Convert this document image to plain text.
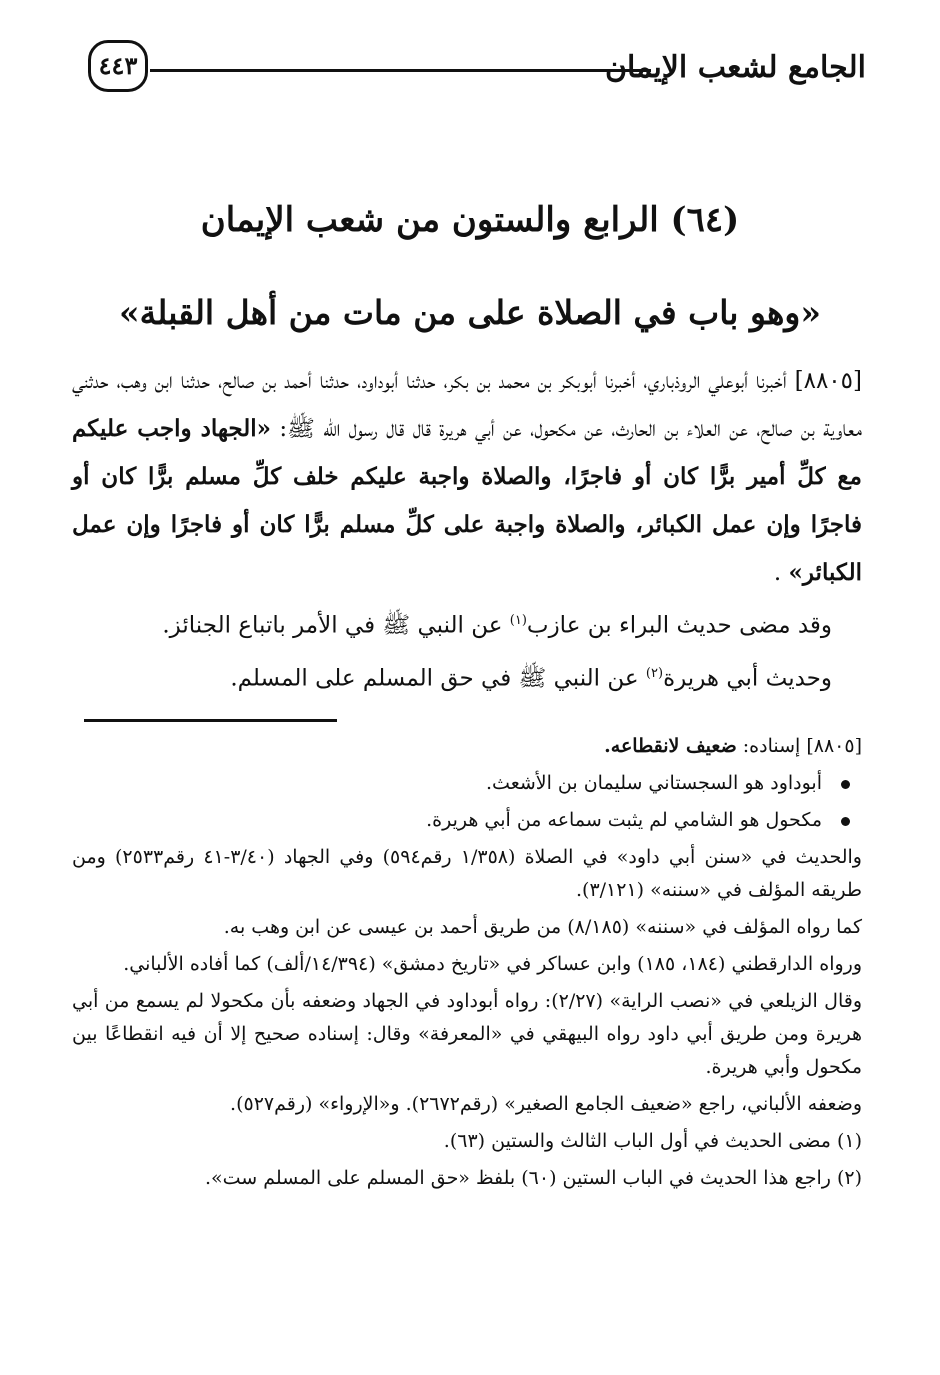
الجامع لشعب الإيمان
٤٤٣
(٦٤) الرابع والستون من شعب الإيمان
«وهو باب في الصلاة على من مات من أهل القبلة»

[٨٨٠٥] أخبرنا أبوعلي الروذباري، أخبرنا أبوبكر بن محمد بن بكر، حدثنا أبوداود، حدثنا أحمد بن صالح، حدثنا ابن وهب، حدثني معاوية بن صالح، عن العلاء بن الحارث، عن مكحول، عن أبي هريرة قال قال رسول الله ﷺ: «الجهاد واجب عليكم مع كلِّ أمير برًّا كان أو فاجرًا، والصلاة واجبة عليكم خلف كلِّ مسلم برًّا كان أو فاجرًا وإن عمل الكبائر، والصلاة واجبة على كلِّ مسلم برًّا كان أو فاجرًا وإن عمل الكبائر» .

وقد مضى حديث البراء بن عازب$^{(١)}$ عن النبي ﷺ في الأمر باتباع الجنائز.

وحديث أبي هريرة$^{(٢)}$ عن النبي ﷺ في حق المسلم على المسلم.

[٨٨٠٥] إسناده: ضعيف لانقطاعه.

أبوداود هو السجستاني سليمان بن الأشعث.

مكحول هو الشامي لم يثبت سماعه من أبي هريرة.

والحديث في «سنن أبي داود» في الصلاة (١/٣٥٨ رقم٥٩٤) وفي الجهاد (٣/٤٠-٤١ رقم٢٥٣٣) ومن طريقه المؤلف في «سننه» (٣/١٢١).

كما رواه المؤلف في «سننه» (٨/١٨٥) من طريق أحمد بن عيسى عن ابن وهب به.

ورواه الدارقطني (١٨٤، ١٨٥) وابن عساكر في «تاريخ دمشق» (١٤/٣٩٤/ألف) كما أفاده الألباني.

وقال الزيلعي في «نصب الراية» (٢/٢٧): رواه أبوداود في الجهاد وضعفه بأن مكحولا لم يسمع من أبي هريرة ومن طريق أبي داود رواه البيهقي في «المعرفة» وقال: إسناده صحيح إلا أن فيه انقطاعًا بين مكحول وأبي هريرة.

وضعفه الألباني، راجع «ضعيف الجامع الصغير» (رقم٢٦٧٢). و«الإرواء» (رقم٥٢٧).

(١) مضى الحديث في أول الباب الثالث والستين (٦٣).

(٢) راجع هذا الحديث في الباب الستين (٦٠) بلفظ «حق المسلم على المسلم ست».
